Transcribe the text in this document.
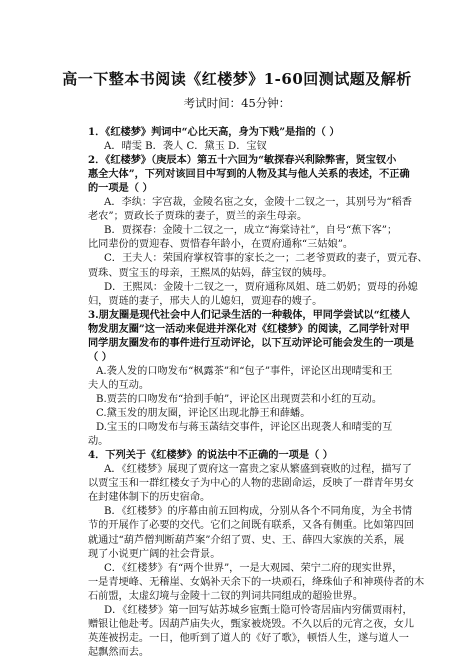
高一下整本书阅读《红楼梦》1-60回测试题及解析
考试时间：45分钟：
1．《红楼梦》判词中“心比天高，身为下贱”是指的（ ）
A．晴雯 B．袭人 C．黛玉 D．宝钗
2．《红楼梦》（庚辰本）第五十六回为“敏探春兴利除弊害，贤宝钗小
惠全大体”，下列对该回目中写到的人物及其与他人关系的表述，不正确
的一项是（ ）
A．李纨：字宫裁，金陵名宦之女，金陵十二钗之一，其别号为“稻香
老农”；贾政长子贾珠的妻子，贾兰的亲生母亲。
B．贾探春：金陵十二钗之一，成立“海棠诗社”，自号“蕉下客”；
比同辈份的贾迎春、贾惜春年龄小，在贾府通称“三姑娘”。
C．王夫人：荣国府掌权管事的家长之一；二老爷贾政的妻子，贾元春、
贾珠、贾宝玉的母亲，王熙凤的姑妈，薛宝钗的姨母。
D．王熙凤：金陵十二钗之一，贾府通称凤姐、琏二奶奶；贾母的孙媳
妇，贾琏的妻子，邢夫人的儿媳妇，贾迎春的嫂子。
3.朋友圈是现代社会中人们记录生活的一种载体，甲同学尝试以“红楼人
物发朋友圈”这一活动来促进并深化对《红楼梦》的阅读，乙同学针对甲
同学朋友圈发布的事件进行互动评论，以下互动评论可能会发生的一项是
（ ）
A.袭人发的口吻发布“枫露茶”和“包子”事件，评论区出现晴雯和王
夫人的互动。
B.贾芸的口吻发布“拾到手帕”，评论区出现贾芸和小红的互动。
C.黛玉发的朋友圈，评论区出现北静王和薛蟠。
D.宝玉的口吻发布与蒋玉菡结交事件，评论区出现袭人和晴雯的互
动。
4．下列关于《红楼梦》的说法中不正确的一项是（ ）
A．《红楼梦》展现了贾府这一富贵之家从繁盛到衰败的过程，描写了
以贾宝玉和一群红楼女子为中心的人物的悲剧命运，反映了一群青年男女
在封建体制下的历史宿命。
B．《红楼梦》的序幕由前五回构成，分别从各个不同角度，为全书情
节的开展作了必要的交代。它们之间既有联系，又各有侧重。比如第四回
就通过“葫芦僧判断葫芦案”介绍了贾、史、王、薛四大家族的关系，展
现了小说更广阔的社会背景。
C．《红楼梦》有“两个世界”，一是大观园、荣宁二府的现实世界，
一是青埂峰、无稽崖、女娲补天余下的一块顽石，绛珠仙子和神瑛侍者的木
石前盟，太虚幻境与金陵十二钗的判词共同组成的超验世界。
D．《红楼梦》第一回写姑苏城乡宦甄士隐可怜寄居庙内穷儒贾雨村，
赠银让他赴考。因葫芦庙失火，甄家被烧毁。不久以后的元宵之夜，女儿
英莲被拐走。一日，他听到了道人的《好了歌》，顿悟人生，遂与道人一
起飘然而去。
